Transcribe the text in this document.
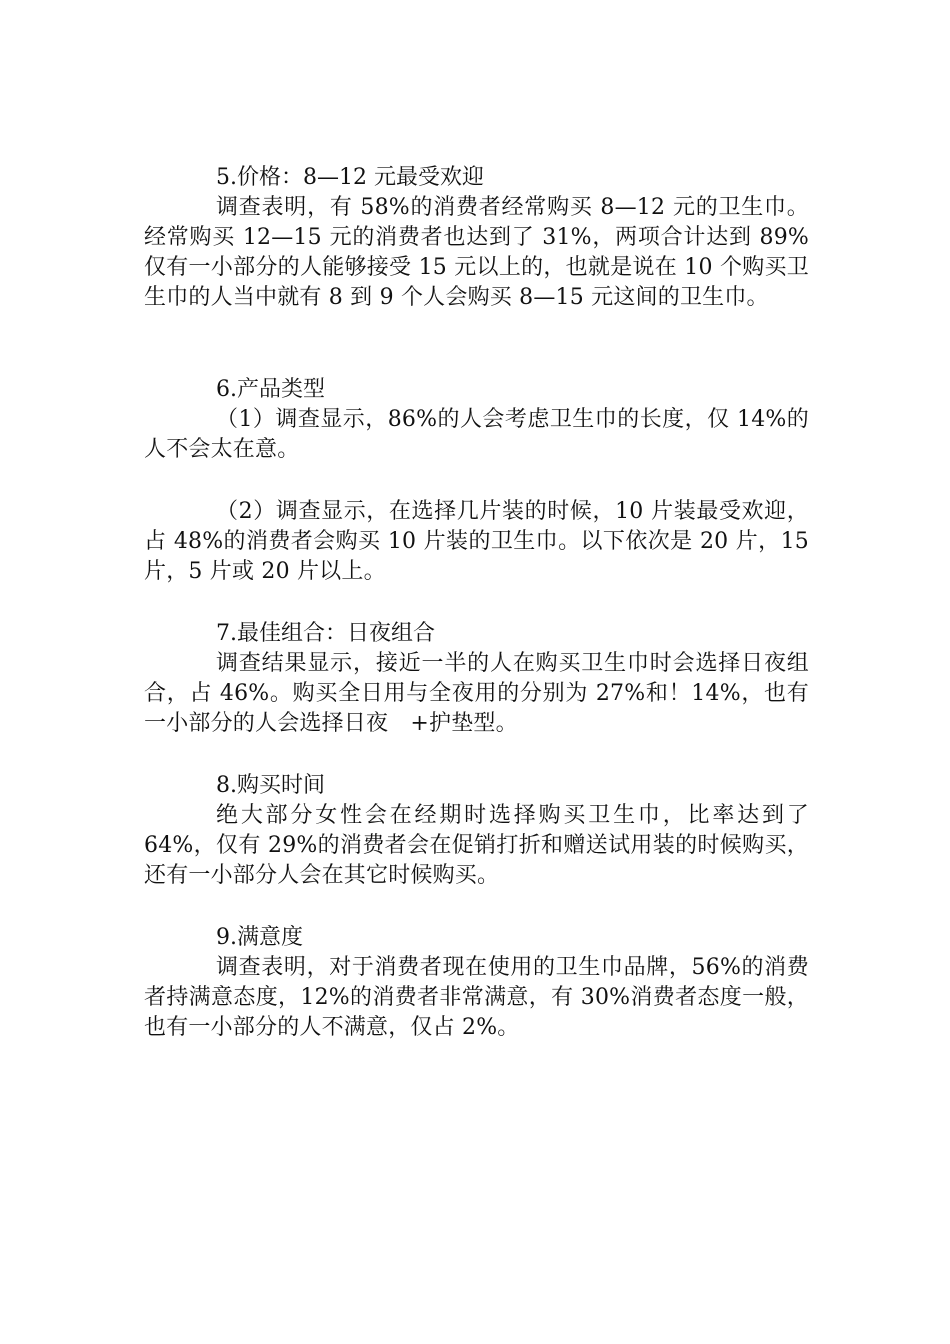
5.价格：8—12 元最受欢迎

调查表明，有 58%的消费者经常购买 8—12 元的卫生巾。经常购买 12—15 元的消费者也达到了 31%，两项合计达到 89%仅有一小部分的人能够接受 15 元以上的，也就是说在 10 个购买卫生巾的人当中就有 8 到 9 个人会购买 8—15 元这间的卫生巾。

6.产品类型

（1）调查显示，86%的人会考虑卫生巾的长度，仅 14%的人不会太在意。

（2）调查显示，在选择几片装的时候，10 片装最受欢迎，占 48%的消费者会购买 10 片装的卫生巾。以下依次是 20 片，15 片，5 片或 20 片以上。

7.最佳组合：日夜组合

调查结果显示，接近一半的人在购买卫生巾时会选择日夜组合，占 46%。购买全日用与全夜用的分别为 27%和！14%，也有一小部分的人会选择日夜　+护垫型。

8.购买时间

绝大部分女性会在经期时选择购买卫生巾，比率达到了 64%，仅有 29%的消费者会在促销打折和赠送试用装的时候购买，还有一小部分人会在其它时候购买。

9.满意度

调查表明，对于消费者现在使用的卫生巾品牌，56%的消费者持满意态度，12%的消费者非常满意，有 30%消费者态度一般，也有一小部分的人不满意，仅占 2%。
